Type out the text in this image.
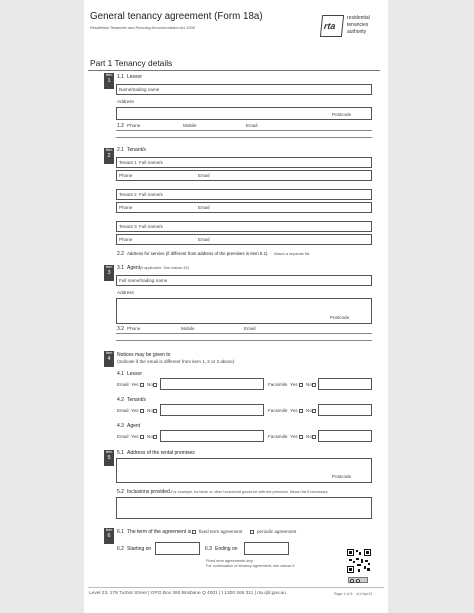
General tenancy agreement (Form 18a)
Residential Tenancies and Rooming Accommodation Act 2008	rta
residential
tenancies
authority
Part 1 Tenancy details
Item
1
1.1 Lessor
Name/trading name
Address
Postcode
1.2 Phone	Mobile	Email
Item
2
2.1 Tenant/s
Tenant 1 Full name/s
Phone	Email
Tenant 2 Full name/s
Phone	Email
Tenant 3 Full name/s
Phone	Email
2.2 Address for service (if different from address of the premises in item 5.1) Attach a separate list
Item
3
3.1 Agent (if applicable. See clause 43)
Full name/trading name
Address
Postcode
3.2 Phone	Mobile	Email
Item
4
Notices may be given to
(Indicate if the email is different from item 1, 2 or 3 above)
4.1 Lessor
Email Yes No	Facsimile Yes No
4.2 Tenant/s
Email Yes No	Facsimile Yes No
4.3 Agent
Email Yes No	Facsimile Yes No
Item
5
5.1 Address of the rental premises
Postcode
5.2 Inclusions provided. For example, furniture or other household goods let with the premises. Attach list if necessary
Item
6
6.1 The term of the agreement is fixed term agreement	periodic agreement
6.2 Starting on	6.3 Ending on
Fixed term agreements only
For continuation of tenancy agreement, see clause 6
Level 23, 179 Turbot Street | GPO Box 390 Brisbane Q 4001 | t 1300 366 311 | rta.qld.gov.au	Page 1 of 6 v14 Apr13
